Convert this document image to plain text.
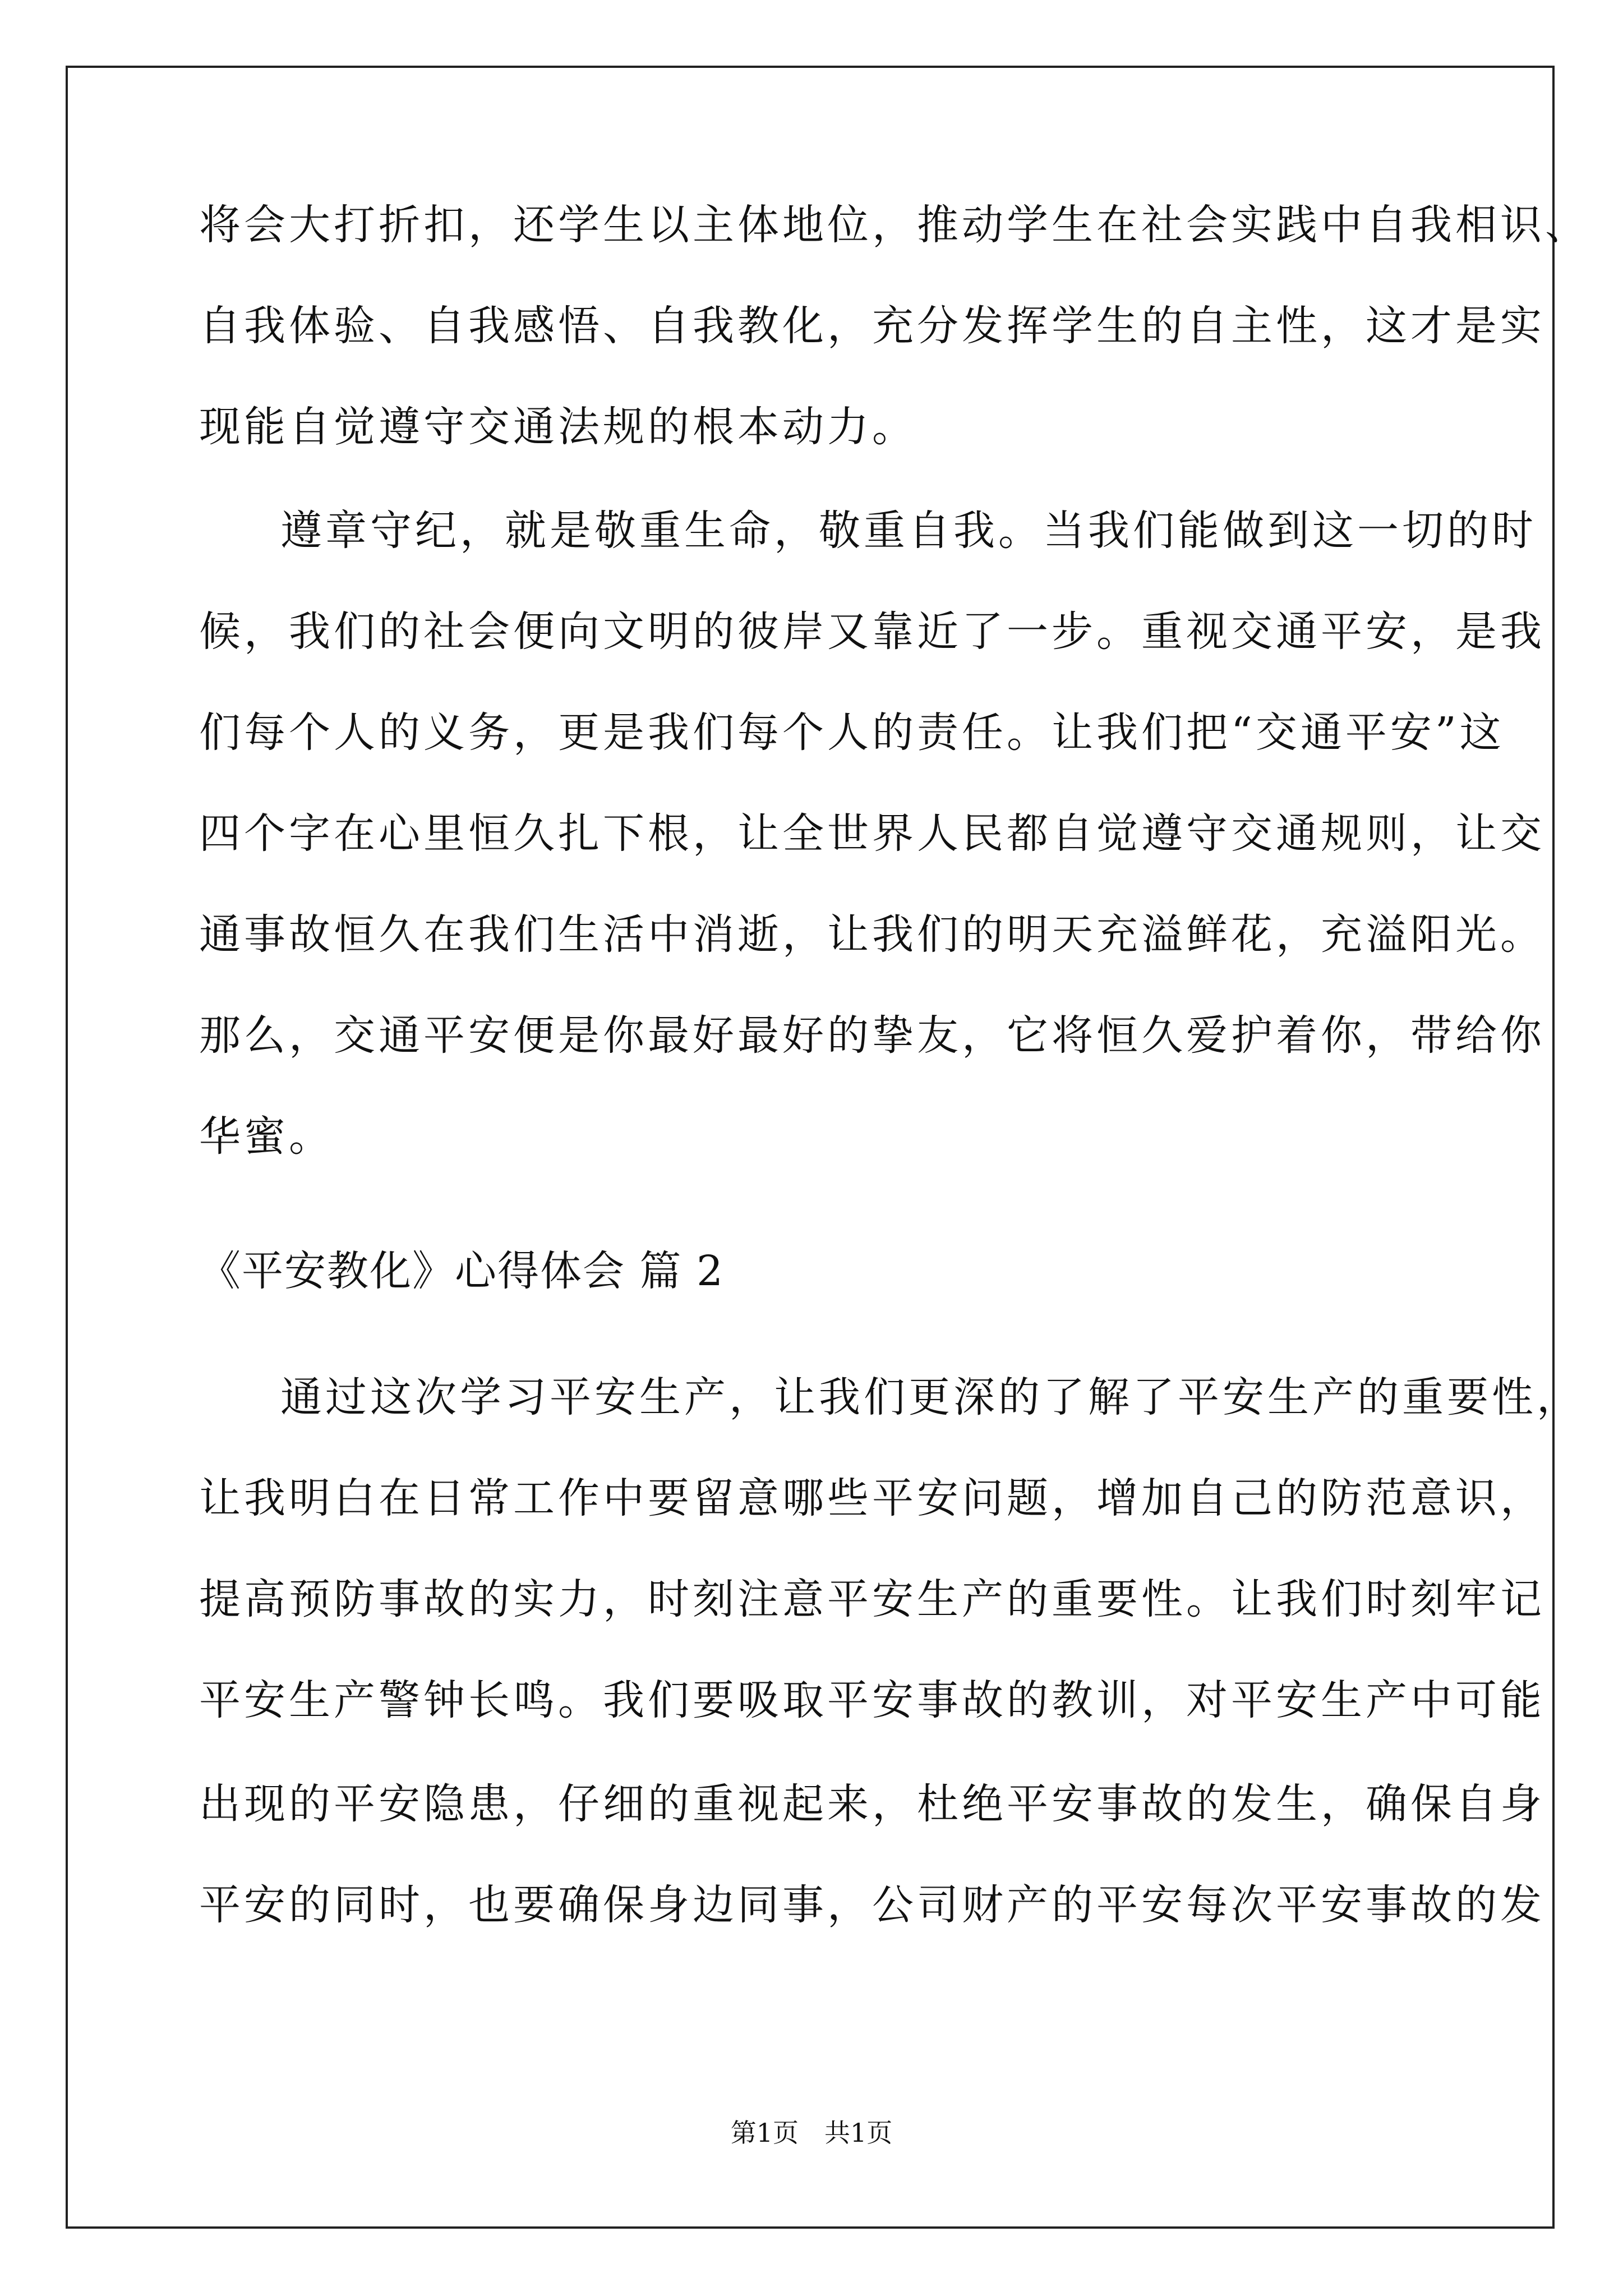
将会大打折扣，还学生以主体地位，推动学生在社会实践中自我相识、
自我体验、自我感悟、自我教化，充分发挥学生的自主性，这才是实
现能自觉遵守交通法规的根本动力。
遵章守纪，就是敬重生命，敬重自我。当我们能做到这一切的时
候，我们的社会便向文明的彼岸又靠近了一步。重视交通平安，是我
们每个人的义务，更是我们每个人的责任。让我们把“交通平安”这
四个字在心里恒久扎下根，让全世界人民都自觉遵守交通规则，让交
通事故恒久在我们生活中消逝，让我们的明天充溢鲜花，充溢阳光。
那么，交通平安便是你最好最好的挚友，它将恒久爱护着你，带给你
华蜜。
《平安教化》心得体会 篇 2
通过这次学习平安生产，让我们更深的了解了平安生产的重要性，
让我明白在日常工作中要留意哪些平安问题，增加自己的防范意识，
提高预防事故的实力，时刻注意平安生产的重要性。让我们时刻牢记
平安生产警钟长鸣。我们要吸取平安事故的教训，对平安生产中可能
出现的平安隐患，仔细的重视起来，杜绝平安事故的发生，确保自身
平安的同时，也要确保身边同事，公司财产的平安每次平安事故的发
第1页　共1页
